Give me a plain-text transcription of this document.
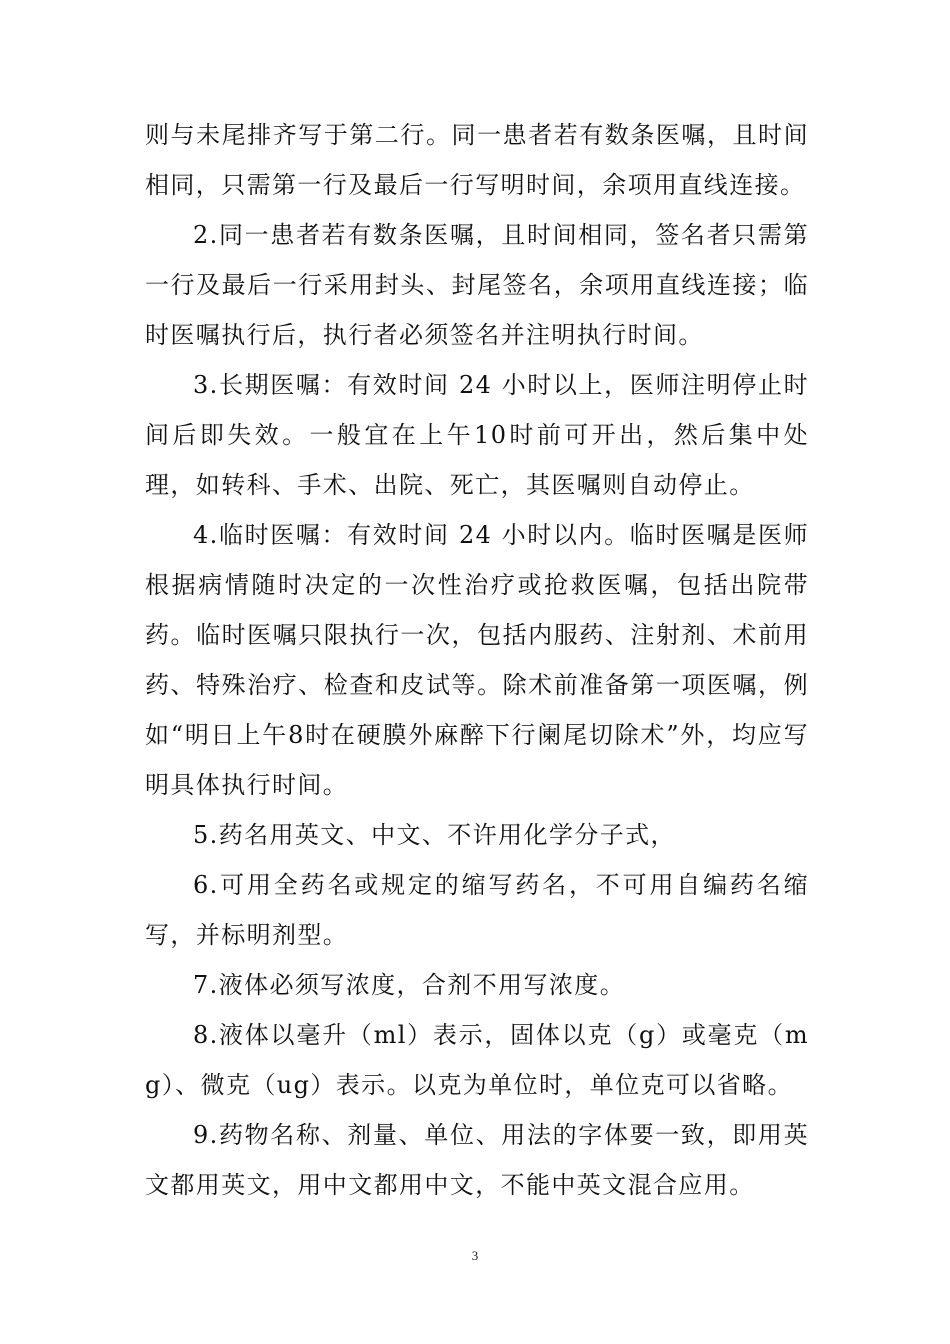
则与未尾排齐写于第二行。同一患者若有数条医嘱，且时间相同，只需第一行及最后一行写明时间，余项用直线连接。

2.同一患者若有数条医嘱，且时间相同，签名者只需第一行及最后一行采用封头、封尾签名，余项用直线连接；临时医嘱执行后，执行者必须签名并注明执行时间。

3.长期医嘱：有效时间 24 小时以上，医师注明停止时间后即失效。一般宜在上午10时前可开出，然后集中处理，如转科、手术、出院、死亡，其医嘱则自动停止。

4.临时医嘱：有效时间 24 小时以内。临时医嘱是医师根据病情随时决定的一次性治疗或抢救医嘱，包括出院带药。临时医嘱只限执行一次，包括内服药、注射剂、术前用药、特殊治疗、检查和皮试等。除术前准备第一项医嘱，例如“明日上午8时在硬膜外麻醉下行阑尾切除术”外，均应写明具体执行时间。

5.药名用英文、中文、不许用化学分子式，

6.可用全药名或规定的缩写药名，不可用自编药名缩写，并标明剂型。

7.液体必须写浓度，合剂不用写浓度。

8.液体以毫升（ml）表示，固体以克（g）或毫克（mg）、微克（ug）表示。以克为单位时，单位克可以省略。

9.药物名称、剂量、单位、用法的字体要一致，即用英文都用英文，用中文都用中文，不能中英文混合应用。

3
